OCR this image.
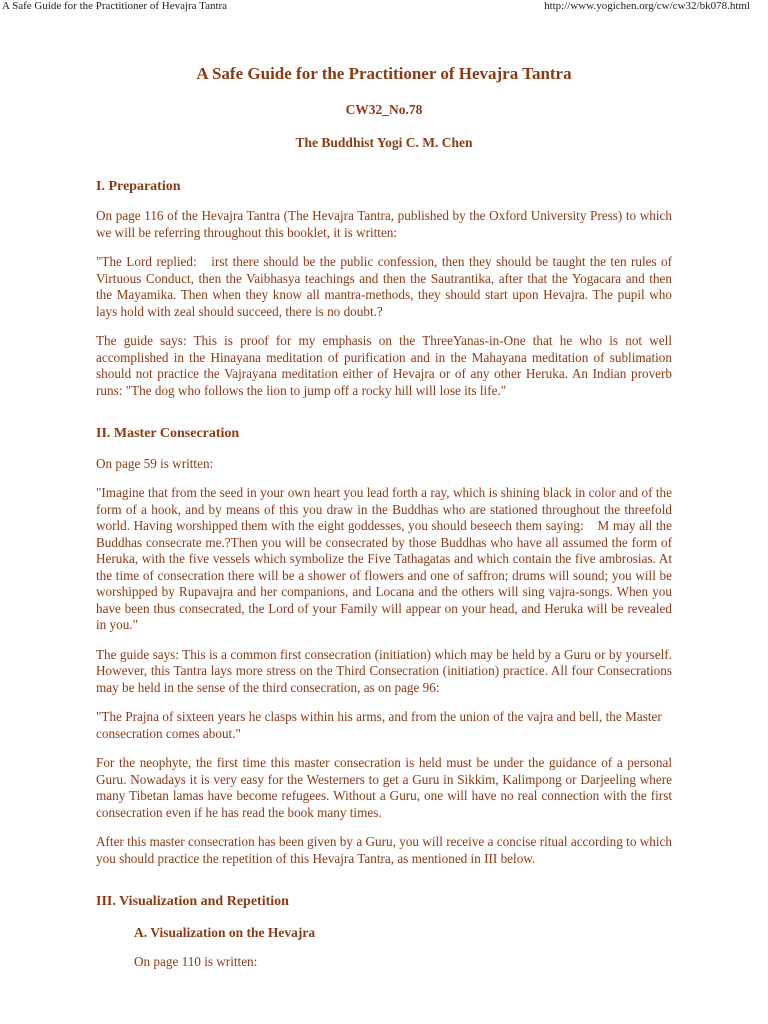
A Safe Guide for the Practitioner of Hevajra Tantra	http://www.yogichen.org/cw/cw32/bk078.html
A Safe Guide for the Practitioner of Hevajra Tantra
CW32_No.78
The Buddhist Yogi C. M. Chen
I. Preparation

On page 116 of the Hevajra Tantra (The Hevajra Tantra, published by the Oxford University Press) to which we will be referring throughout this booklet, it is written:

"The Lord replied:  irst there should be the public confession, then they should be taught the ten rules of Virtuous Conduct, then the Vaibhasya teachings and then the Sautrantika, after that the Yogacara and then the Mayamika. Then when they know all mantra-methods, they should start upon Hevajra. The pupil who lays hold with zeal should succeed, there is no doubt.?

The guide says: This is proof for my emphasis on the ThreeYanas-in-One that he who is not well accomplished in the Hinayana meditation of purification and in the Mahayana meditation of sublimation should not practice the Vajrayana meditation either of Hevajra or of any other Heruka. An Indian proverb runs: "The dog who follows the lion to jump off a rocky hill will lose its life."

II. Master Consecration

On page 59 is written:

"Imagine that from the seed in your own heart you lead forth a ray, which is shining black in color and of the form of a hook, and by means of this you draw in the Buddhas who are stationed throughout the threefold world. Having worshipped them with the eight goddesses, you should beseech them saying:  M may all the Buddhas consecrate me.?Then you will be consecrated by those Buddhas who have all assumed the form of Heruka, with the five vessels which symbolize the Five Tathagatas and which contain the five ambrosias. At the time of consecration there will be a shower of flowers and one of saffron; drums will sound; you will be worshipped by Rupavajra and her companions, and Locana and the others will sing vajra-songs. When you have been thus consecrated, the Lord of your Family will appear on your head, and Heruka will be revealed in you."

The guide says: This is a common first consecration (initiation) which may be held by a Guru or by yourself. However, this Tantra lays more stress on the Third Consecration (initiation) practice. All four Consecrations may be held in the sense of the third consecration, as on page 96:

"The Prajna of sixteen years he clasps within his arms, and from the union of the vajra and bell, the Master  consecration comes about."

For the neophyte, the first time this master consecration is held must be under the guidance of a personal Guru. Nowadays it is very easy for the Westerners to get a Guru in Sikkim, Kalimpong or Darjeeling where many Tibetan lamas have become refugees. Without a Guru, one will have no real connection with the first consecration even if he has read the book many times.

After this master consecration has been given by a Guru, you will receive a concise ritual according to which you should practice the repetition of this Hevajra Tantra, as mentioned in III below.

III. Visualization and Repetition
A. Visualization on the Hevajra

On page 110 is written:
